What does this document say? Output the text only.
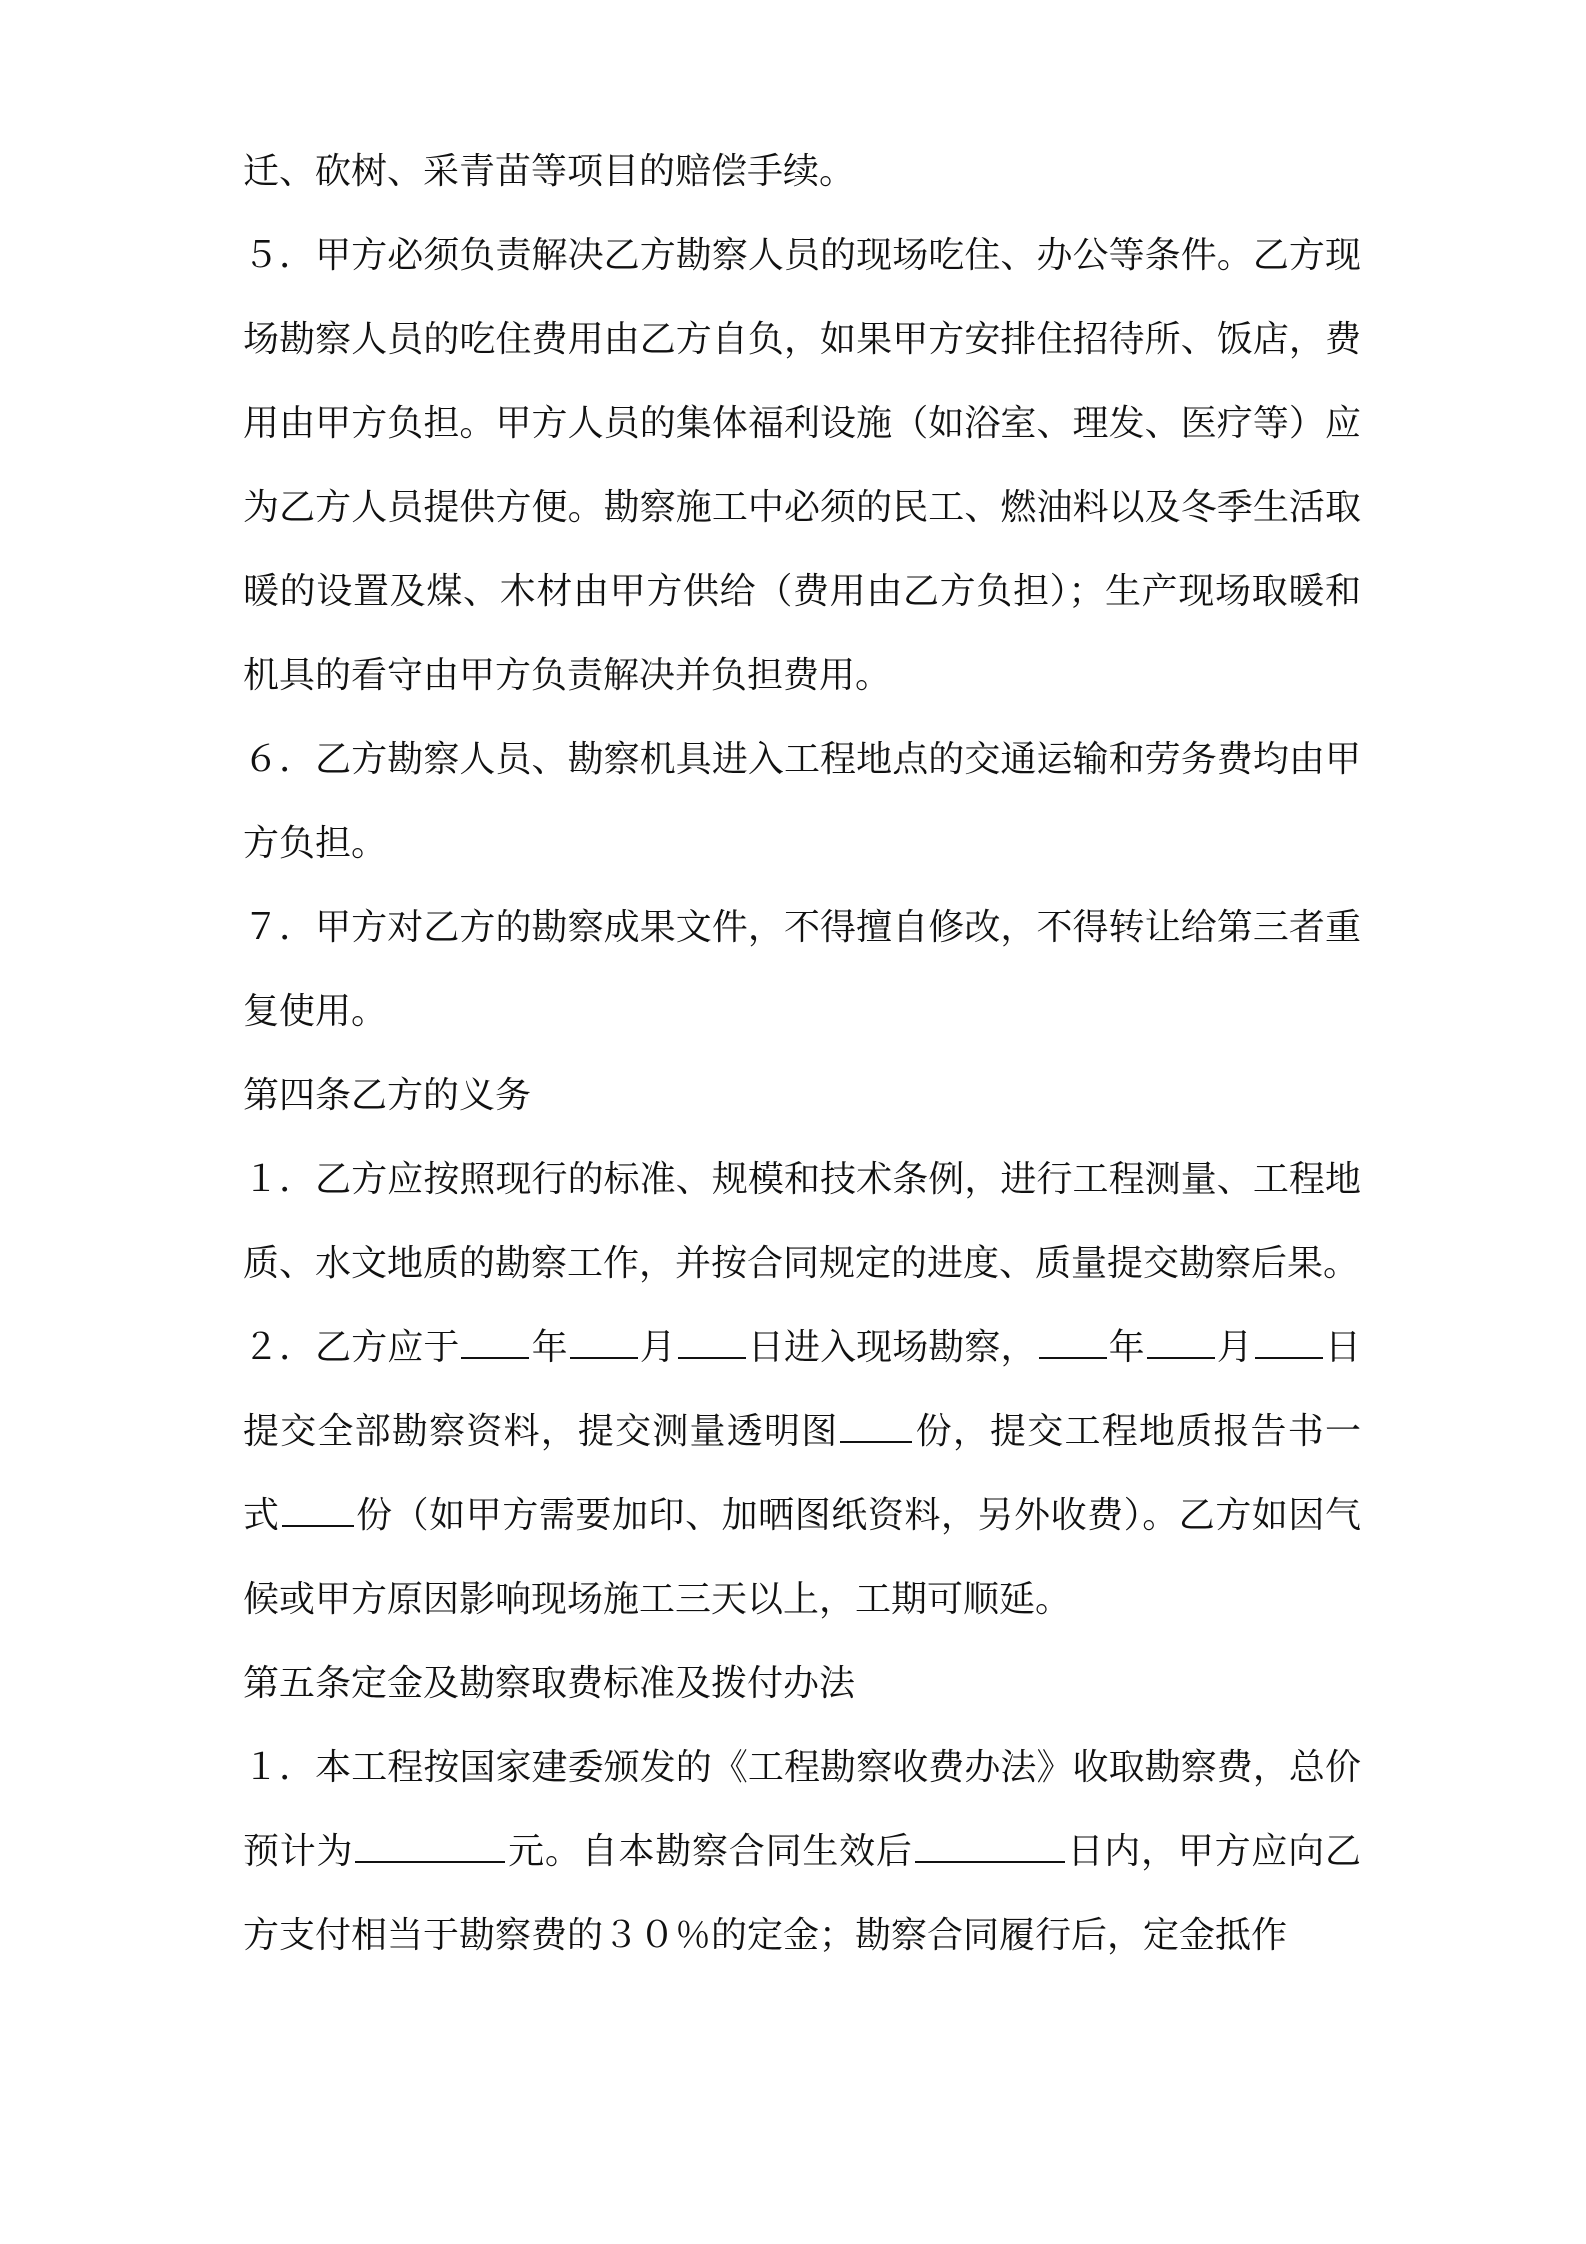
迁、砍树、采青苗等项目的赔偿手续。

５．甲方必须负责解决乙方勘察人员的现场吃住、办公等条件。乙方现场勘察人员的吃住费用由乙方自负，如果甲方安排住招待所、饭店，费用由甲方负担。甲方人员的集体福利设施（如浴室、理发、医疗等）应为乙方人员提供方便。勘察施工中必须的民工、燃油料以及冬季生活取暖的设置及煤、木材由甲方供给（费用由乙方负担）；生产现场取暖和机具的看守由甲方负责解决并负担费用。

６．乙方勘察人员、勘察机具进入工程地点的交通运输和劳务费均由甲方负担。

７．甲方对乙方的勘察成果文件，不得擅自修改，不得转让给第三者重复使用。

第四条乙方的义务

１．乙方应按照现行的标准、规模和技术条例，进行工程测量、工程地质、水文地质的勘察工作，并按合同规定的进度、质量提交勘察后果。

２．乙方应于 年 月 日进入现场勘察， 年 月 日提交全部勘察资料，提交测量透明图 份，提交工程地质报告书一式 份（如甲方需要加印、加晒图纸资料，另外收费）。乙方如因气候或甲方原因影响现场施工三天以上，工期可顺延。

第五条定金及勘察取费标准及拨付办法

１．本工程按国家建委颁发的《工程勘察收费办法》收取勘察费，总价预计为	元。自本勘察合同生效后	日内，甲方应向乙方支付相当于勘察费的３０％的定金；勘察合同履行后，定金抵作
